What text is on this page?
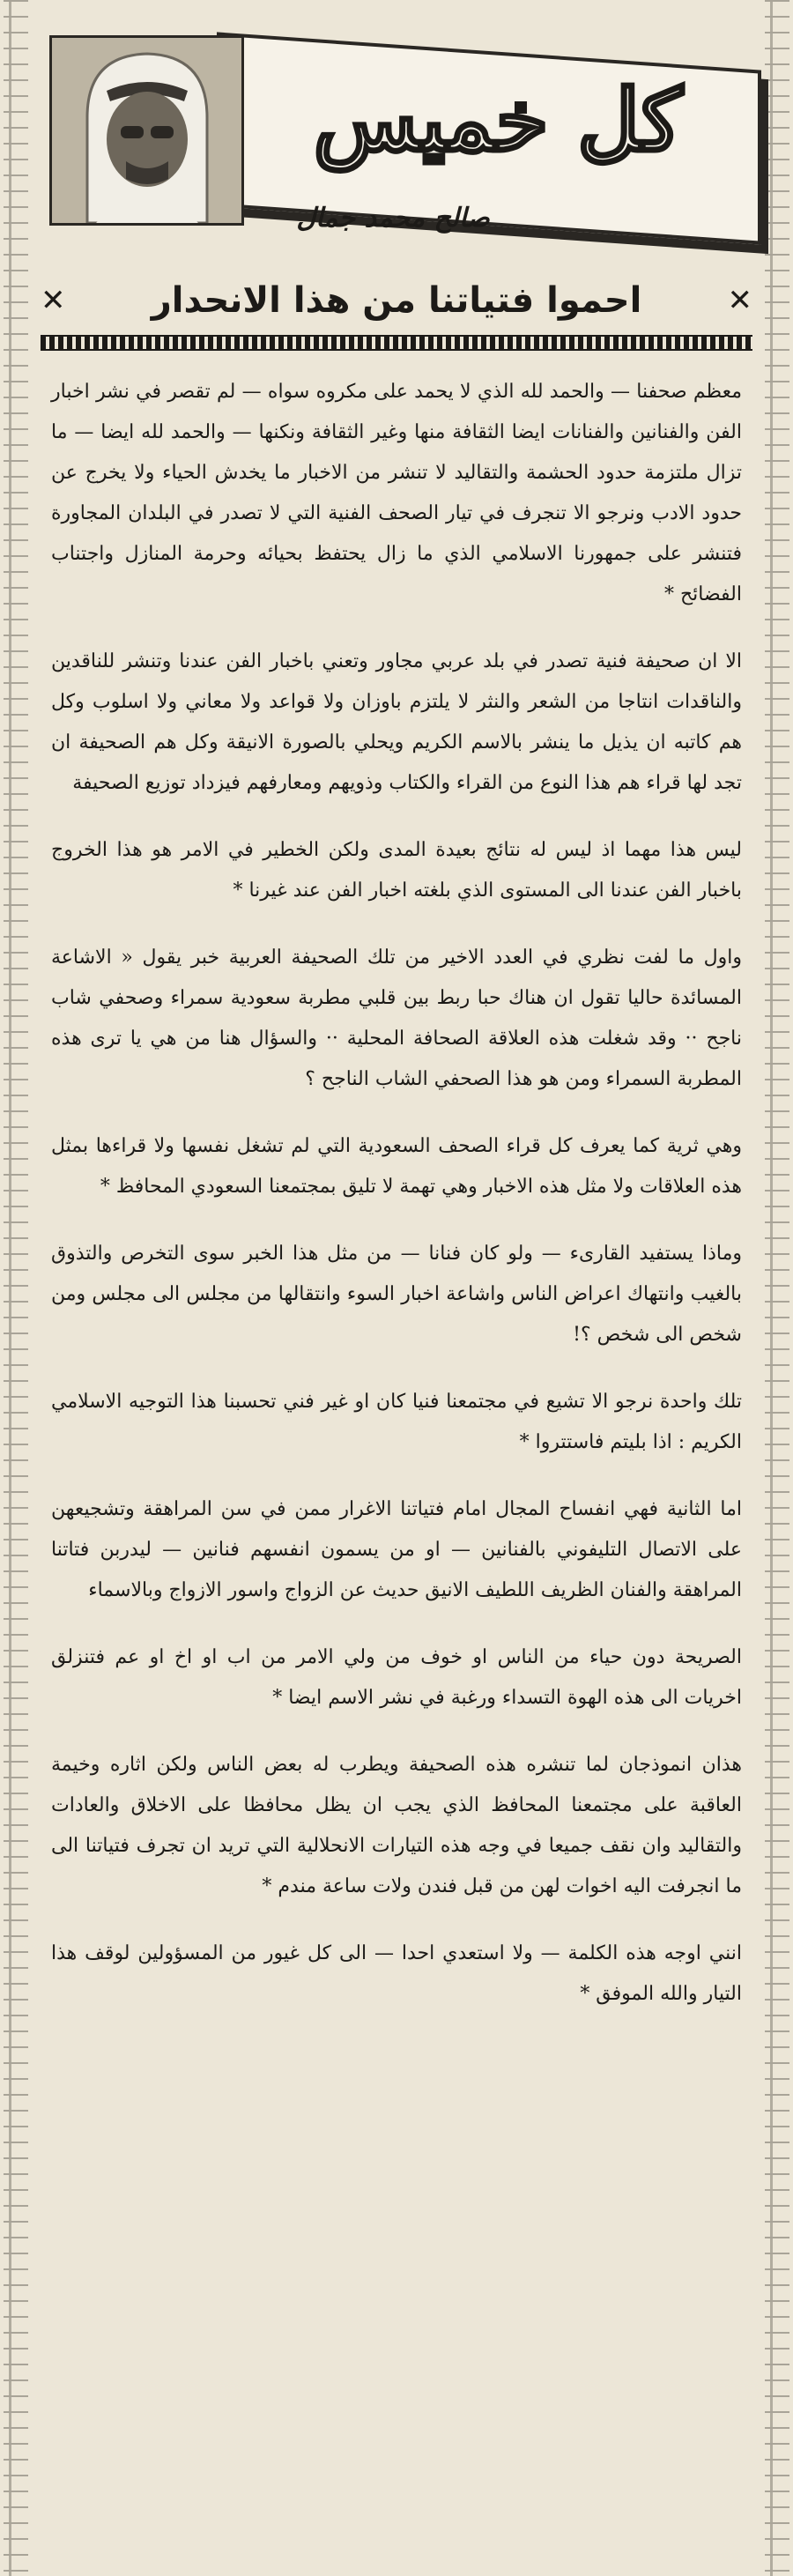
كل خميس
صالح محمد جمال
✕
احموا فتياتنا من هذا الانحدار
✕

معظم صحفنا — والحمد لله الذي لا يحمد على مكروه سواه — لم تقصر في نشر اخبار الفن والفنانين والفنانات ايضا الثقافة منها وغير الثقافة ونكنها — والحمد لله ايضا — ما تزال ملتزمة حدود الحشمة والتقاليد لا تنشر من الاخبار ما يخدش الحياء ولا يخرج عن حدود الادب ونرجو الا تنجرف في تيار الصحف الفنية التي لا تصدر في البلدان المجاورة فتنشر على جمهورنا الاسلامي الذي ما زال يحتفظ بحيائه وحرمة المنازل واجتناب الفضائح *

الا ان صحيفة فنية تصدر في بلد عربي مجاور وتعني باخبار الفن عندنا وتنشر للناقدين والناقدات انتاجا من الشعر والنثر لا يلتزم باوزان ولا قواعد ولا معاني ولا اسلوب وكل هم كاتبه ان يذيل ما ينشر بالاسم الكريم ويحلي بالصورة الانيقة وكل هم الصحيفة ان تجد لها قراء هم هذا النوع من القراء والكتاب وذويهم ومعارفهم فيزداد توزيع الصحيفة

ليس هذا مهما اذ ليس له نتائج بعيدة المدى ولكن الخطير في الامر هو هذا الخروج باخبار الفن عندنا الى المستوى الذي بلغته اخبار الفن عند غيرنا *

واول ما لفت نظري في العدد الاخير من تلك الصحيفة العربية خبر يقول « الاشاعة المسائدة حاليا تقول ان هناك حبا ربط بين قلبي مطربة سعودية سمراء وصحفي شاب ناجح ·· وقد شغلت هذه العلاقة الصحافة المحلية ·· والسؤال هنا من هي يا ترى هذه المطربة السمراء ومن هو هذا الصحفي الشاب الناجح ؟

وهي ثرية كما يعرف كل قراء الصحف السعودية التي لم تشغل نفسها ولا قراءها بمثل هذه العلاقات ولا مثل هذه الاخبار وهي تهمة لا تليق بمجتمعنا السعودي المحافظ *

وماذا يستفيد القارىء — ولو كان فنانا — من مثل هذا الخبر سوى التخرص والتذوق بالغيب وانتهاك اعراض الناس واشاعة اخبار السوء وانتقالها من مجلس الى مجلس ومن شخص الى شخص ؟!

تلك واحدة نرجو الا تشيع في مجتمعنا فنيا كان او غير فني تحسبنا هذا التوجيه الاسلامي الكريم : اذا بليتم فاستتروا *

اما الثانية فهي انفساح المجال امام فتياتنا الاغرار ممن في سن المراهقة وتشجيعهن على الاتصال التليفوني بالفنانين — او من يسمون انفسهم فنانين — ليدربن فتاتنا المراهقة والفنان الظريف اللطيف الانيق حديث عن الزواج واسور الازواج وبالاسماء

الصريحة دون حياء من الناس او خوف من ولي الامر من اب او اخ او عم فتنزلق اخريات الى هذه الهوة التسداء ورغبة في نشر الاسم ايضا *

هذان انموذجان لما تنشره هذه الصحيفة ويطرب له بعض الناس ولكن اثاره وخيمة العاقبة على مجتمعنا المحافظ الذي يجب ان يظل محافظا على الاخلاق والعادات والتقاليد وان نقف جميعا في وجه هذه التيارات الانحلالية التي تريد ان تجرف فتياتنا الى ما انجرفت اليه اخوات لهن من قبل فندن ولات ساعة مندم *

انني اوجه هذه الكلمة — ولا استعدي احدا — الى كل غيور من المسؤولين لوقف هذا التيار والله الموفق *
